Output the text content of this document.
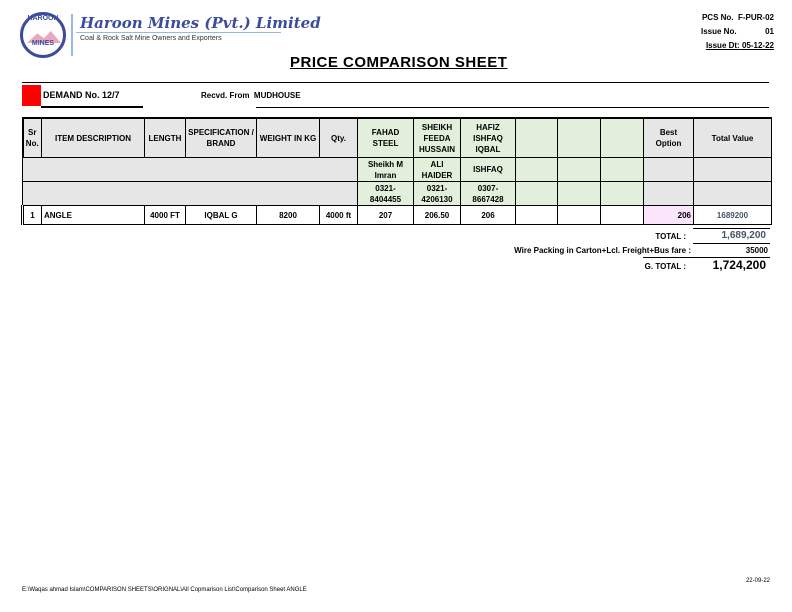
HAROON
MINES
Haroon Mines (Pvt.) Limited
Coal & Rock Salt Mine Owners and Exporters
PCS No. F-PUR-02
Issue No.	01
Issue Dt: 05-12-22
PRICE COMPARISON SHEET
DEMAND No. 12/7	Recvd. From MUDHOUSE
Sr No.	ITEM DESCRIPTION	LENGTH	SPECIFICATION / BRAND	WEIGHT IN KG	Qty.	FAHAD STEEL	SHEIKH FEEDA HUSSAIN	HAFIZ ISHFAQ IQBAL				Best Option	Total Value
						Sheikh M Imran	ALI HAIDER	ISHFAQ					
						0321-8404455	0321-4206130	0307-8667428					
1	ANGLE	4000 FT	IQBAL G	8200	4000 ft	207	206.50	206				206	1689200
TOTAL :	1,689,200
Wire Packing in Carton+Lcl. Freight+Bus fare :	35000
G. TOTAL : 1,724,200
22-09-22
E:\Waqas ahmad Islam\COMPARISON SHEETS\ORIGNAL\All Copmarison List\Comparison Sheet ANGLE
